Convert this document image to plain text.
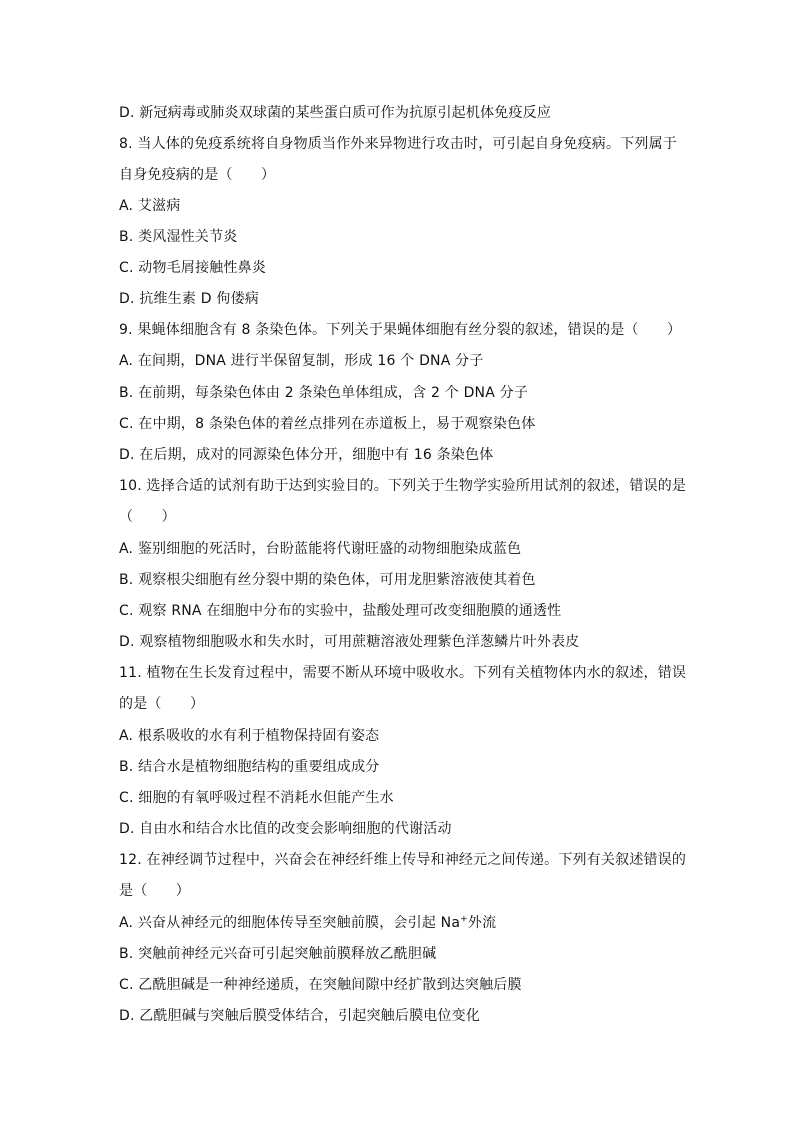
D. 新冠病毒或肺炎双球菌的某些蛋白质可作为抗原引起机体免疫反应
8. 当人体的免疫系统将自身物质当作外来异物进行攻击时，可引起自身免疫病。下列属于
自身免疫病的是（　　）
A. 艾滋病
B. 类风湿性关节炎
C. 动物毛屑接触性鼻炎
D. 抗维生素 D 佝偻病
9. 果蝇体细胞含有 8 条染色体。下列关于果蝇体细胞有丝分裂的叙述，错误的是（　　）
A. 在间期，DNA 进行半保留复制，形成 16 个 DNA 分子
B. 在前期，每条染色体由 2 条染色单体组成，含 2 个 DNA 分子
C. 在中期，8 条染色体的着丝点排列在赤道板上，易于观察染色体
D. 在后期，成对的同源染色体分开，细胞中有 16 条染色体
10. 选择合适的试剂有助于达到实验目的。下列关于生物学实验所用试剂的叙述，错误的是
（　　）
A. 鉴别细胞的死活时，台盼蓝能将代谢旺盛的动物细胞染成蓝色
B. 观察根尖细胞有丝分裂中期的染色体，可用龙胆紫溶液使其着色
C. 观察 RNA 在细胞中分布的实验中，盐酸处理可改变细胞膜的通透性
D. 观察植物细胞吸水和失水时，可用蔗糖溶液处理紫色洋葱鳞片叶外表皮
11. 植物在生长发育过程中，需要不断从环境中吸收水。下列有关植物体内水的叙述，错误
的是（　　）
A. 根系吸收的水有利于植物保持固有姿态
B. 结合水是植物细胞结构的重要组成成分
C. 细胞的有氧呼吸过程不消耗水但能产生水
D. 自由水和结合水比值的改变会影响细胞的代谢活动
12. 在神经调节过程中，兴奋会在神经纤维上传导和神经元之间传递。下列有关叙述错误的
是（　　）
A. 兴奋从神经元的细胞体传导至突触前膜，会引起 Na+外流
B. 突触前神经元兴奋可引起突触前膜释放乙酰胆碱
C. 乙酰胆碱是一种神经递质，在突触间隙中经扩散到达突触后膜
D. 乙酰胆碱与突触后膜受体结合，引起突触后膜电位变化
